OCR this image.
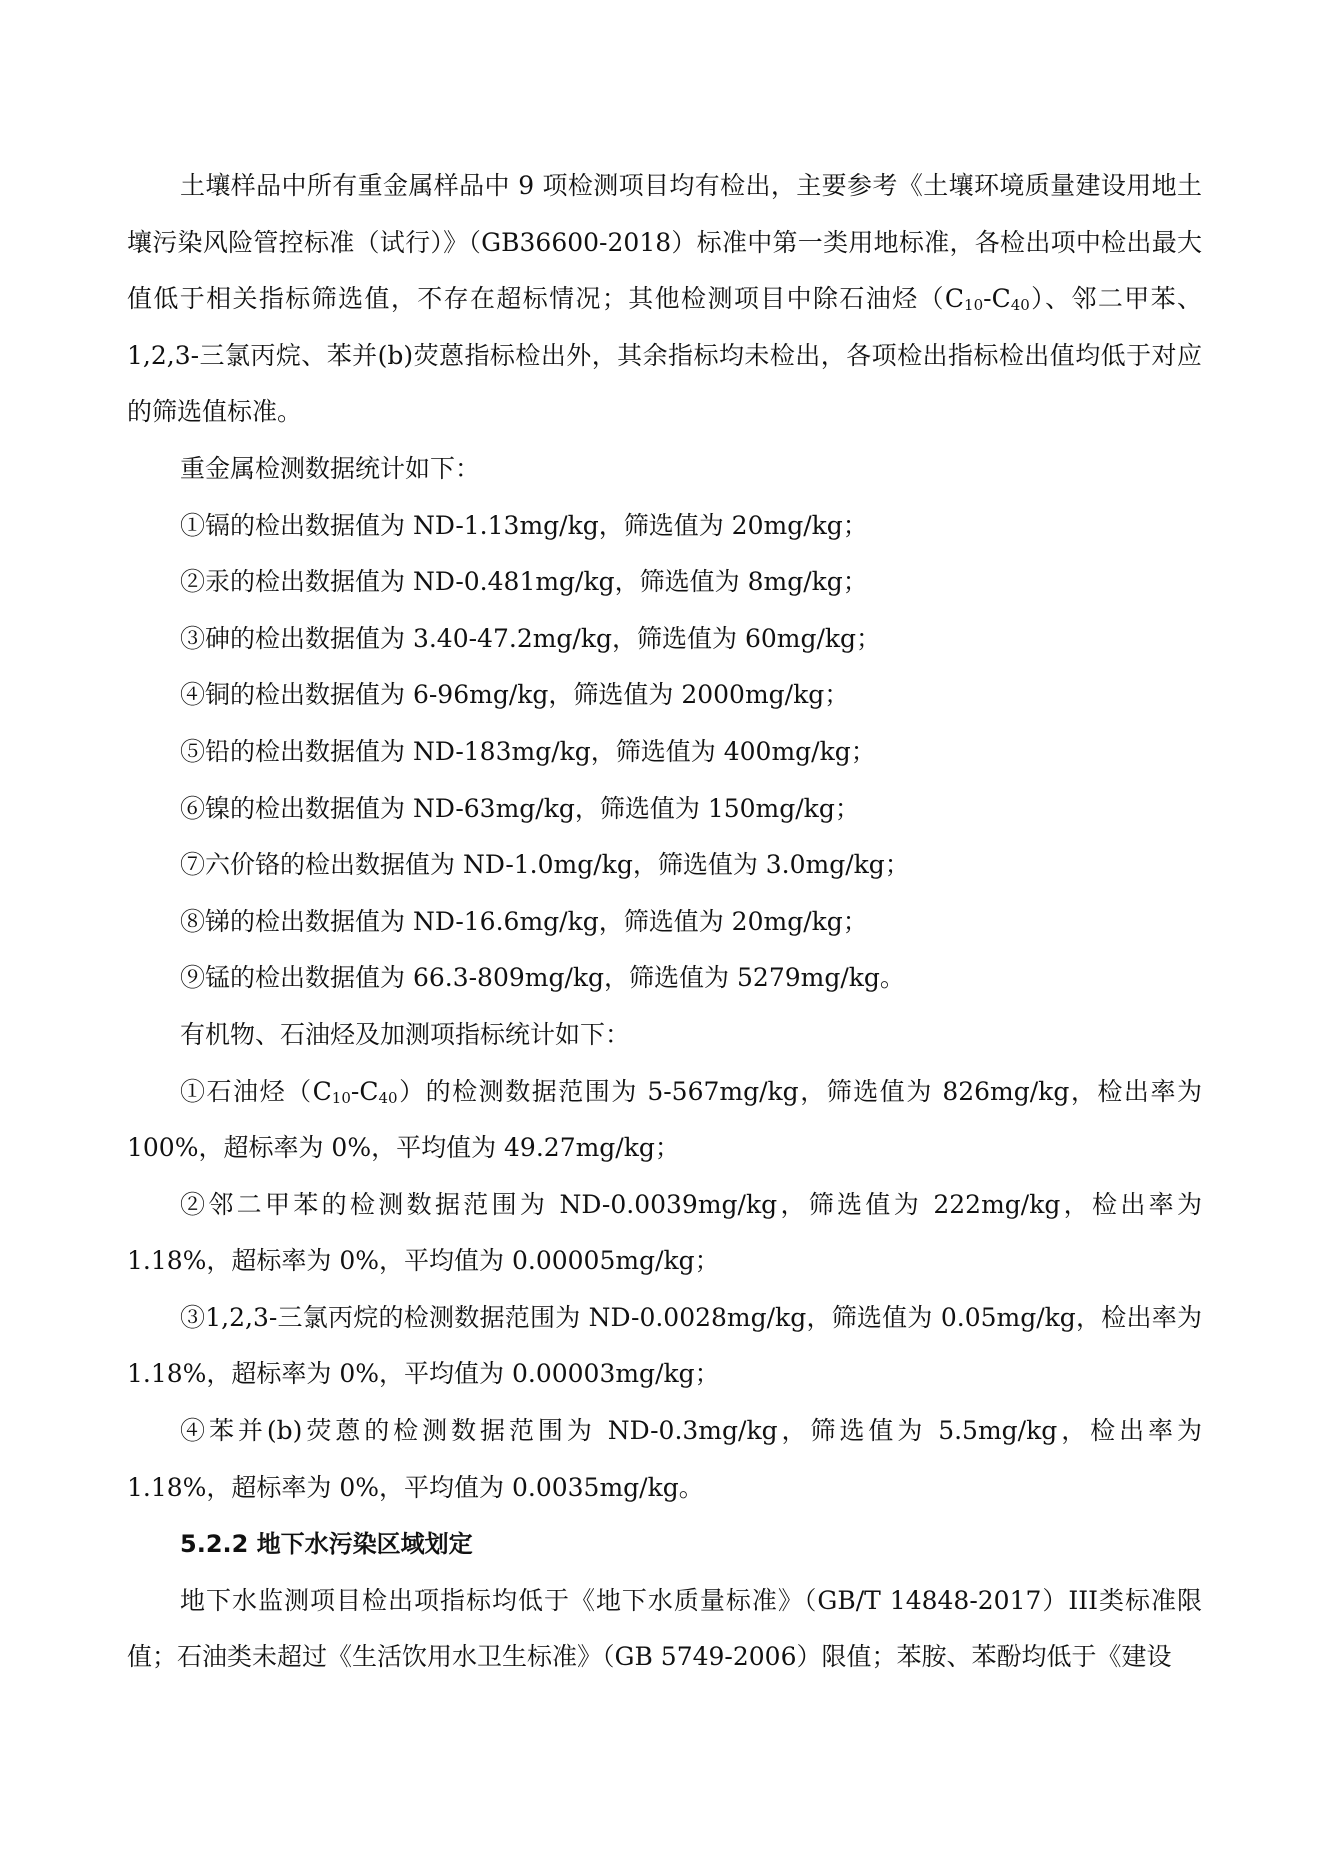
土壤样品中所有重金属样品中 9 项检测项目均有检出，主要参考《土壤环境质量建设用地土壤污染风险管控标准（试行）》（GB36600-2018）标准中第一类用地标准，各检出项中检出最大值低于相关指标筛选值，不存在超标情况；其他检测项目中除石油烃$(C_{10}-C_{40})$、邻二甲苯、1,2,3-三氯丙烷、苯并(b)荧蒽指标检出外，其余指标均未检出，各项检出指标检出值均低于对应的筛选值标准。

重金属检测数据统计如下：

①镉的检出数据值为 ND-1.13mg/kg，筛选值为 20mg/kg；

②汞的检出数据值为 ND-0.481mg/kg，筛选值为 8mg/kg；

③砷的检出数据值为 3.40-47.2mg/kg，筛选值为 60mg/kg；

④铜的检出数据值为 6-96mg/kg，筛选值为 2000mg/kg；

⑤铅的检出数据值为 ND-183mg/kg，筛选值为 400mg/kg；

⑥镍的检出数据值为 ND-63mg/kg，筛选值为 150mg/kg；

⑦六价铬的检出数据值为 ND-1.0mg/kg，筛选值为 3.0mg/kg；

⑧锑的检出数据值为 ND-16.6mg/kg，筛选值为 20mg/kg；

⑨锰的检出数据值为 66.3-809mg/kg，筛选值为 5279mg/kg。

有机物、石油烃及加测项指标统计如下：

①石油烃$(C_{10}-C_{40})$的检测数据范围为 5-567mg/kg，筛选值为 826mg/kg，检出率为 100%，超标率为 0%，平均值为 49.27mg/kg；

②邻二甲苯的检测数据范围为 ND-0.0039mg/kg，筛选值为 222mg/kg，检出率为 1.18%，超标率为 0%，平均值为 0.00005mg/kg；

③1,2,3-三氯丙烷的检测数据范围为 ND-0.0028mg/kg，筛选值为 0.05mg/kg，检出率为 1.18%，超标率为 0%，平均值为 0.00003mg/kg；

④苯并(b)荧蒽的检测数据范围为 ND-0.3mg/kg，筛选值为 5.5mg/kg，检出率为 1.18%，超标率为 0%，平均值为 0.0035mg/kg。

5.2.2 地下水污染区域划定

地下水监测项目检出项指标均低于《地下水质量标准》（GB/T 14848-2017）III类标准限值；石油类未超过《生活饮用水卫生标准》（GB 5749-2006）限值；苯胺、苯酚均低于《建设
